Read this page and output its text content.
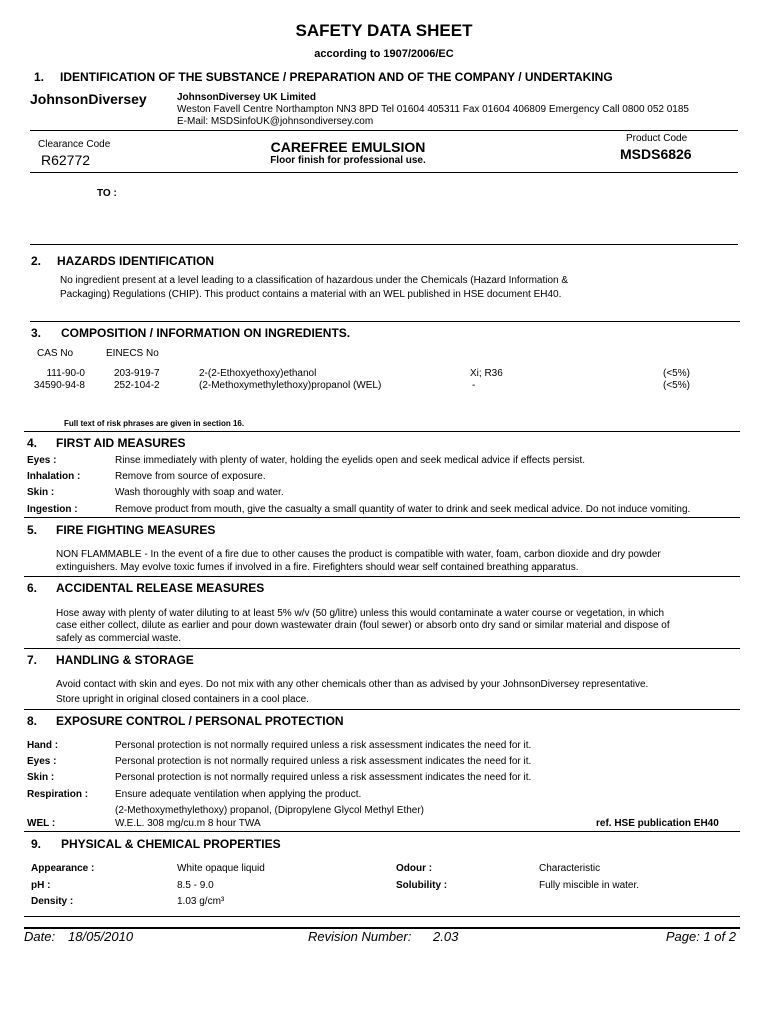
SAFETY DATA SHEET
according to 1907/2006/EC
1. IDENTIFICATION OF THE SUBSTANCE / PREPARATION AND OF THE COMPANY / UNDERTAKING
JohnsonDiversey	JohnsonDiversey UK Limited
Weston Favell Centre Northampton NN3 8PD Tel 01604 405311 Fax 01604 406809 Emergency Call 0800 052 0185
E-Mail: MSDSinfoUK@johnsondiversey.com
Clearance Code
R62772
CAREFREE EMULSION
Floor finish for professional use.
Product Code
MSDS6826
TO :
2. HAZARDS IDENTIFICATION
No ingredient present at a level leading to a classification of hazardous under the Chemicals (Hazard Information &
Packaging) Regulations (CHIP). This product contains a material with an WEL published in HSE document EH40.
3. COMPOSITION / INFORMATION ON INGREDIENTS.
CAS No	EINECS No
111-90-0	203-919-7	2-(2-Ethoxyethoxy)ethanol	Xi; R36	(<5%)
34590-94-8	252-104-2	(2-Methoxymethylethoxy)propanol (WEL)	-	(<5%)
Full text of risk phrases are given in section 16.
4. FIRST AID MEASURES
Eyes :	Rinse immediately with plenty of water, holding the eyelids open and seek medical advice if effects persist.
Inhalation :	Remove from source of exposure.
Skin :	Wash thoroughly with soap and water.
Ingestion :	Remove product from mouth, give the casualty a small quantity of water to drink and seek medical advice. Do not induce vomiting.
5. FIRE FIGHTING MEASURES
NON FLAMMABLE - In the event of a fire due to other causes the product is compatible with water, foam, carbon dioxide and dry powder
extinguishers. May evolve toxic fumes if involved in a fire. Firefighters should wear self contained breathing apparatus.
6. ACCIDENTAL RELEASE MEASURES
Hose away with plenty of water diluting to at least 5% w/v (50 g/litre) unless this would contaminate a water course or vegetation, in which
case either collect, dilute as earlier and pour down wastewater drain (foul sewer) or absorb onto dry sand or similar material and dispose of
safely as commercial waste.
7. HANDLING & STORAGE
Avoid contact with skin and eyes. Do not mix with any other chemicals other than as advised by your JohnsonDiversey representative.
Store upright in original closed containers in a cool place.
8. EXPOSURE CONTROL / PERSONAL PROTECTION
Hand :	Personal protection is not normally required unless a risk assessment indicates the need for it.
Eyes :	Personal protection is not normally required unless a risk assessment indicates the need for it.
Skin :	Personal protection is not normally required unless a risk assessment indicates the need for it.
Respiration :	Ensure adequate ventilation when applying the product.
(2-Methoxymethylethoxy) propanol, (Dipropylene Glycol Methyl Ether)
WEL :	W.E.L. 308 mg/cu.m 8 hour TWA	ref. HSE publication EH40
9. PHYSICAL & CHEMICAL PROPERTIES
Appearance :	White opaque liquid	Odour :	Characteristic
pH :	8.5 - 9.0	Solubility :	Fully miscible in water.
Density :	1.03 g/cm³
Date: 18/05/2010	Revision Number: 2.03	Page: 1 of 2
